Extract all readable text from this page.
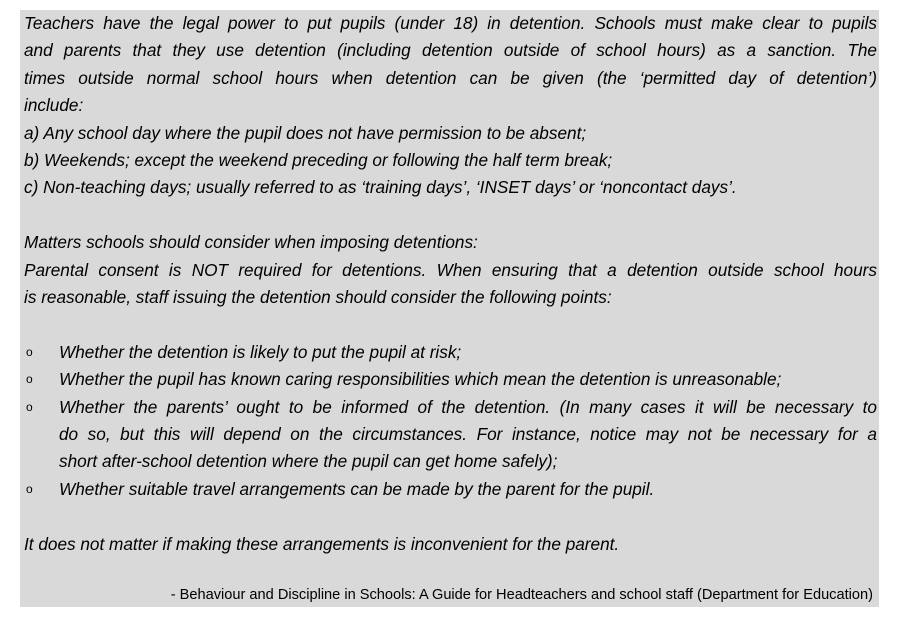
Teachers have the legal power to put pupils (under 18) in detention. Schools must make clear to pupils
and parents that they use detention (including detention outside of school hours) as a sanction. The
times outside normal school hours when detention can be given (the ‘permitted day of detention’)
include:
a) Any school day where the pupil does not have permission to be absent;
b) Weekends; except the weekend preceding or following the half term break;
c) Non-teaching days; usually referred to as ‘training days’, ‘INSET days’ or ‘noncontact days’.
Matters schools should consider when imposing detentions:
Parental consent is NOT required for detentions. When ensuring that a detention outside school hours
is reasonable, staff issuing the detention should consider the following points:
o Whether the detention is likely to put the pupil at risk;
o Whether the pupil has known caring responsibilities which mean the detention is unreasonable;
o Whether the parents’ ought to be informed of the detention. (In many cases it will be necessary to
do so, but this will depend on the circumstances. For instance, notice may not be necessary for a
short after-school detention where the pupil can get home safely);
o Whether suitable travel arrangements can be made by the parent for the pupil.
It does not matter if making these arrangements is inconvenient for the parent.
- Behaviour and Discipline in Schools: A Guide for Headteachers and school staff (Department for Education)
